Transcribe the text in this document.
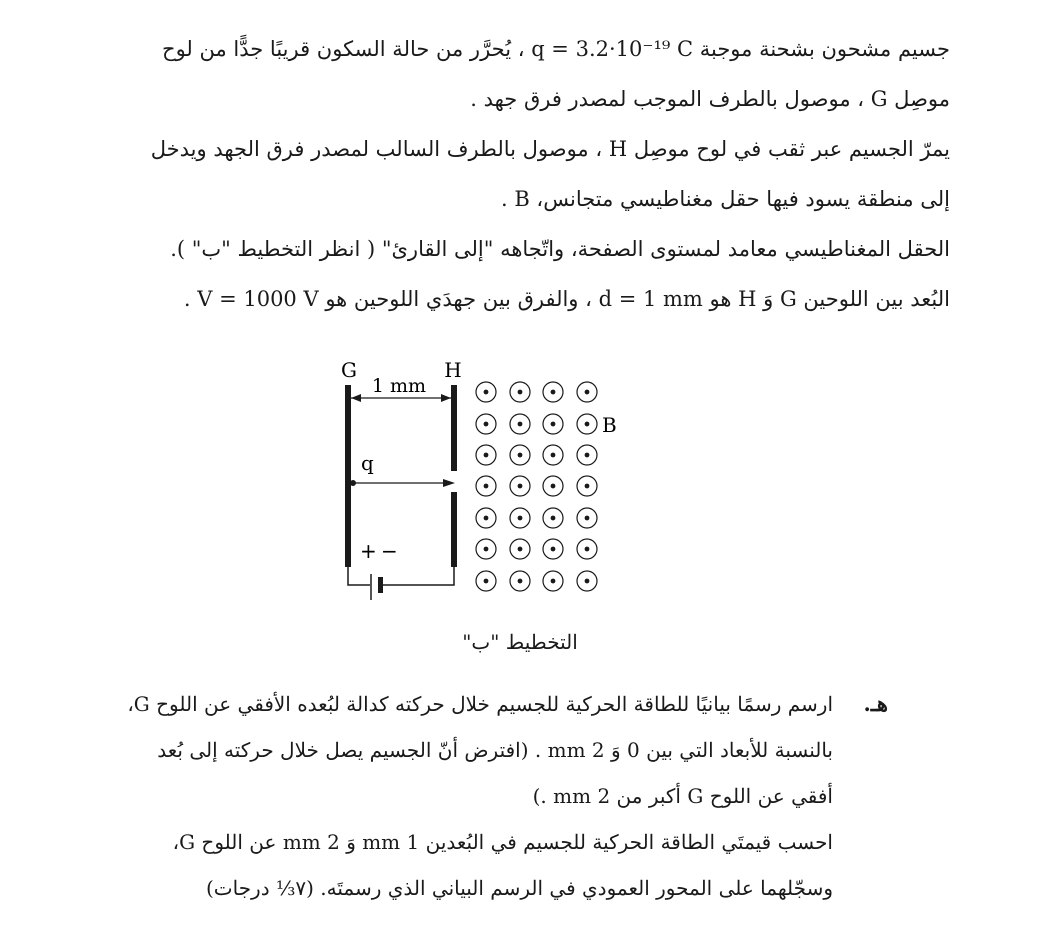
جسيم مشحون بشحنة موجبة q = 3.2·10⁻¹⁹ C ، يُحرَّر من حالة السكون قريبًا جدًّا من لوح
موصِل G ، موصول بالطرف الموجب لمصدر فرق جهد .
يمرّ الجسيم عبر ثقب في لوح موصِل H ، موصول بالطرف السالب لمصدر فرق الجهد ويدخل
إلى منطقة يسود فيها حقل مغناطيسي متجانس، B .
الحقل المغناطيسي معامد لمستوى الصفحة، واتّجاهه "إلى القارئ" ( انظر التخطيط "ب" ).
البُعد بين اللوحين G وَ H هو d = 1 mm ، والفرق بين جهدَي اللوحين هو V = 1000 V .
G	H
1 mm
q
+ −
B
التخطيط "ب"
هـ.
ارسم رسمًا بيانيًا للطاقة الحركية للجسيم خلال حركته كدالة لبُعده الأفقي عن اللوح G،
بالنسبة للأبعاد التي بين 0 وَ 2 mm . (افترض أنّ الجسيم يصل خلال حركته إلى بُعد
أفقي عن اللوح G أكبر من 2 mm .)
احسب قيمتَي الطاقة الحركية للجسيم في البُعدين 1 mm وَ 2 mm عن اللوح G،
وسجّلهما على المحور العمودي في الرسم البياني الذي رسمتَه. (٧⅓ درجات)
